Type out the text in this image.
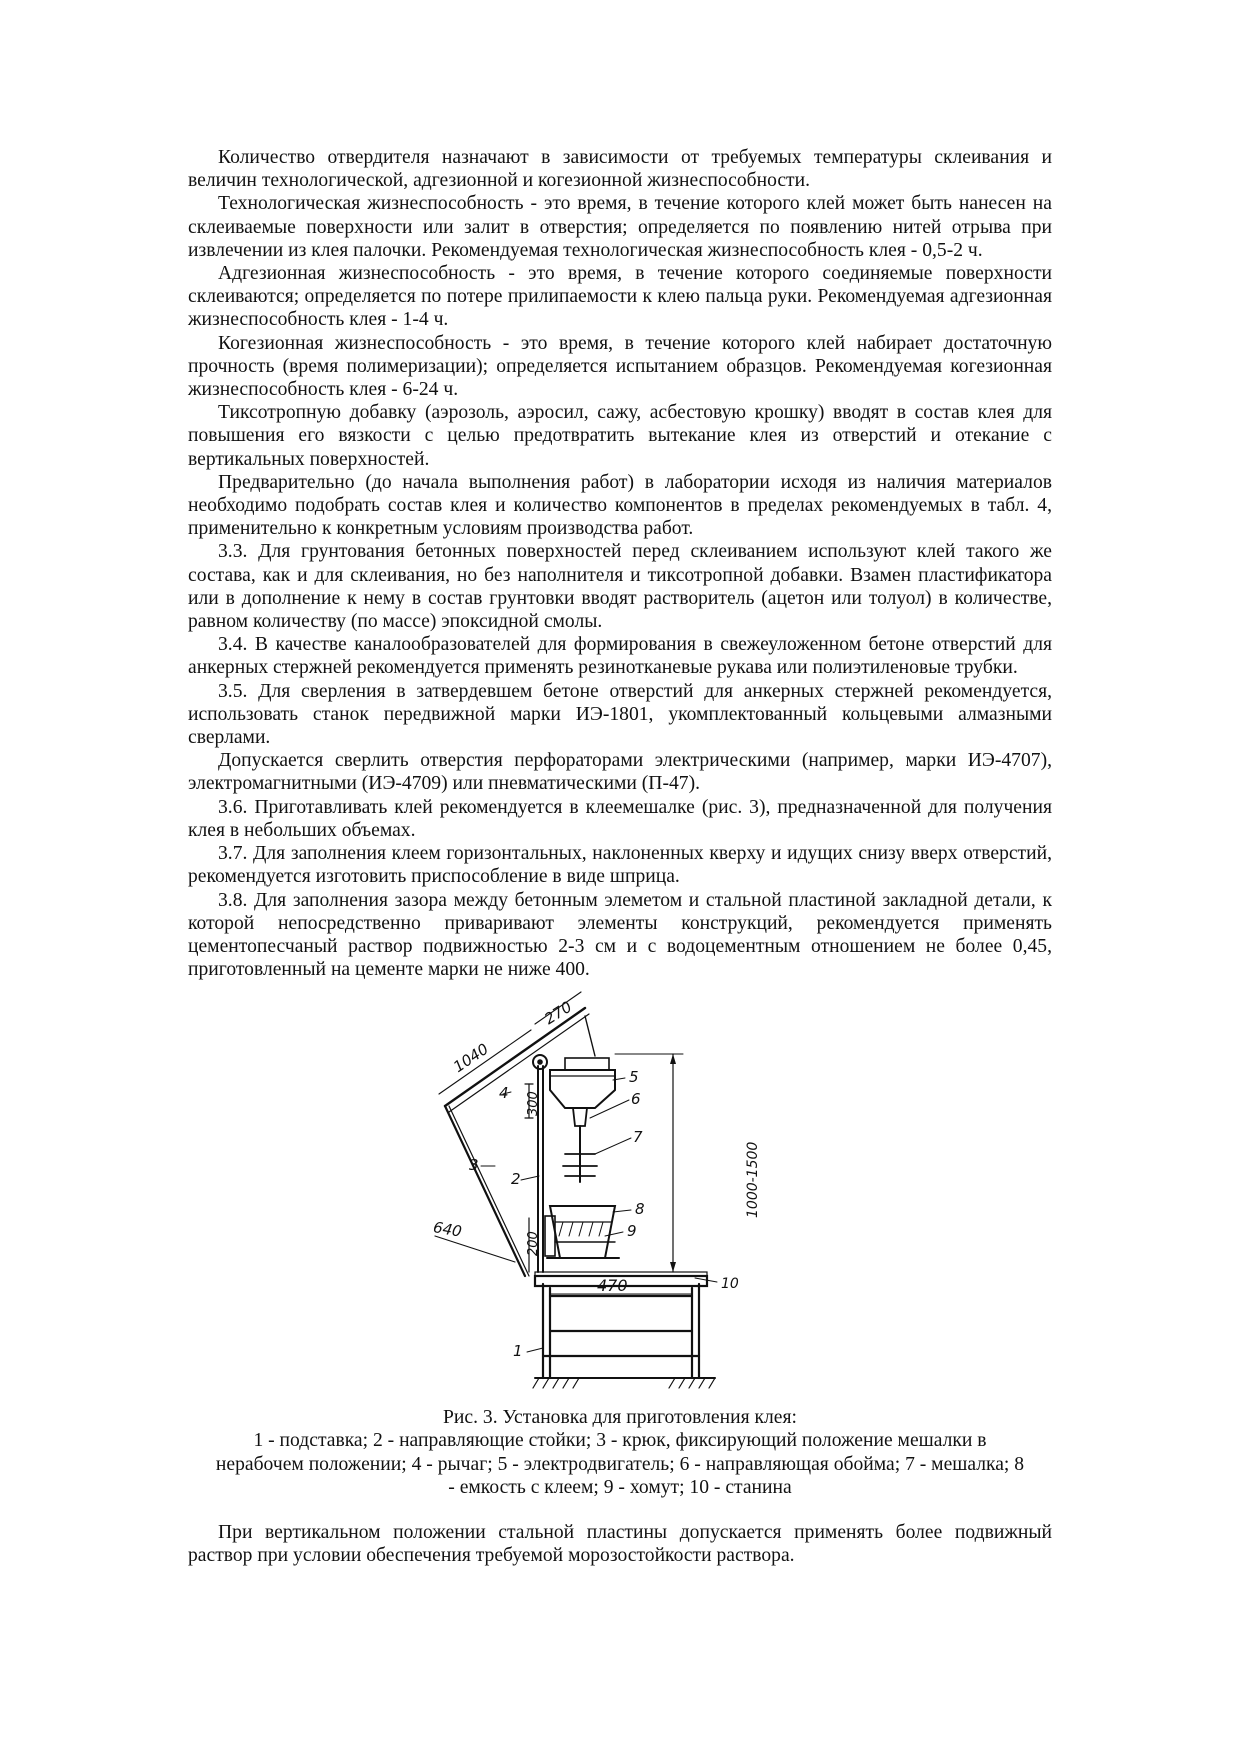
Количество отвердителя назначают в зависимости от требуемых температуры склеивания и величин технологической, адгезионной и когезионной жизнеспособности.

Технологическая жизнеспособность - это время, в течение которого клей может быть нанесен на склеиваемые поверхности или залит в отверстия; определяется по появлению нитей отрыва при извлечении из клея палочки. Рекомендуемая технологическая жизнеспособность клея - 0,5-2 ч.

Адгезионная жизнеспособность - это время, в течение которого соединяемые поверхности склеиваются; определяется по потере прилипаемости к клею пальца руки. Рекомендуемая адгезионная жизнеспособность клея - 1-4 ч.

Когезионная жизнеспособность - это время, в течение которого клей набирает достаточную прочность (время полимеризации); определяется испытанием образцов. Рекомендуемая когезионная жизнеспособность клея - 6-24 ч.

Тиксотропную добавку (аэрозоль, аэросил, сажу, асбестовую крошку) вводят в состав клея для повышения его вязкости с целью предотвратить вытекание клея из отверстий и отекание с вертикальных поверхностей.

Предварительно (до начала выполнения работ) в лаборатории исходя из наличия материалов необходимо подобрать состав клея и количество компонентов в пределах рекомендуемых в табл. 4, применительно к конкретным условиям производства работ.

3.3. Для грунтования бетонных поверхностей перед склеиванием используют клей такого же состава, как и для склеивания, но без наполнителя и тиксотропной добавки. Взамен пластификатора или в дополнение к нему в состав грунтовки вводят растворитель (ацетон или толуол) в количестве, равном количеству (по массе) эпоксидной смолы.

3.4. В качестве каналообразователей для формирования в свежеуложенном бетоне отверстий для анкерных стержней рекомендуется применять резинотканевые рукава или полиэтиленовые трубки.

3.5. Для сверления в затвердевшем бетоне отверстий для анкерных стержней рекомендуется, использовать станок передвижной марки ИЭ-1801, укомплектованный кольцевыми алмазными сверлами.

Допускается сверлить отверстия перфораторами электрическими (например, марки ИЭ-4707), электромагнитными (ИЭ-4709) или пневматическими (П-47).

3.6. Приготавливать клей рекомендуется в клеемешалке (рис. 3), предназначенной для получения клея в небольших объемах.

3.7. Для заполнения клеем горизонтальных, наклоненных кверху и идущих снизу вверх отверстий, рекомендуется изготовить приспособление в виде шприца.

3.8. Для заполнения зазора между бетонным элеметом и стальной пластиной закладной детали, к которой непосредственно приваривают элементы конструкций, рекомендуется применять цементопесчаный раствор подвижностью 2-3 см и с водоцементным отношением не более 0,45, приготовленный на цементе марки не ниже 400.

270
1040
300
1000-1500
640
200
470
1
2
3
4
5
6
7
8
9
10
Рис. 3. Установка для приготовления клея:
1 - подставка; 2 - направляющие стойки; 3 - крюк, фиксирующий положение мешалки в
нерабочем положении; 4 - рычаг; 5 - электродвигатель; 6 - направляющая обойма; 7 - мешалка; 8
- емкость с клеем; 9 - хомут; 10 - станина

При вертикальном положении стальной пластины допускается применять более подвижный раствор при условии обеспечения требуемой морозостойкости раствора.
